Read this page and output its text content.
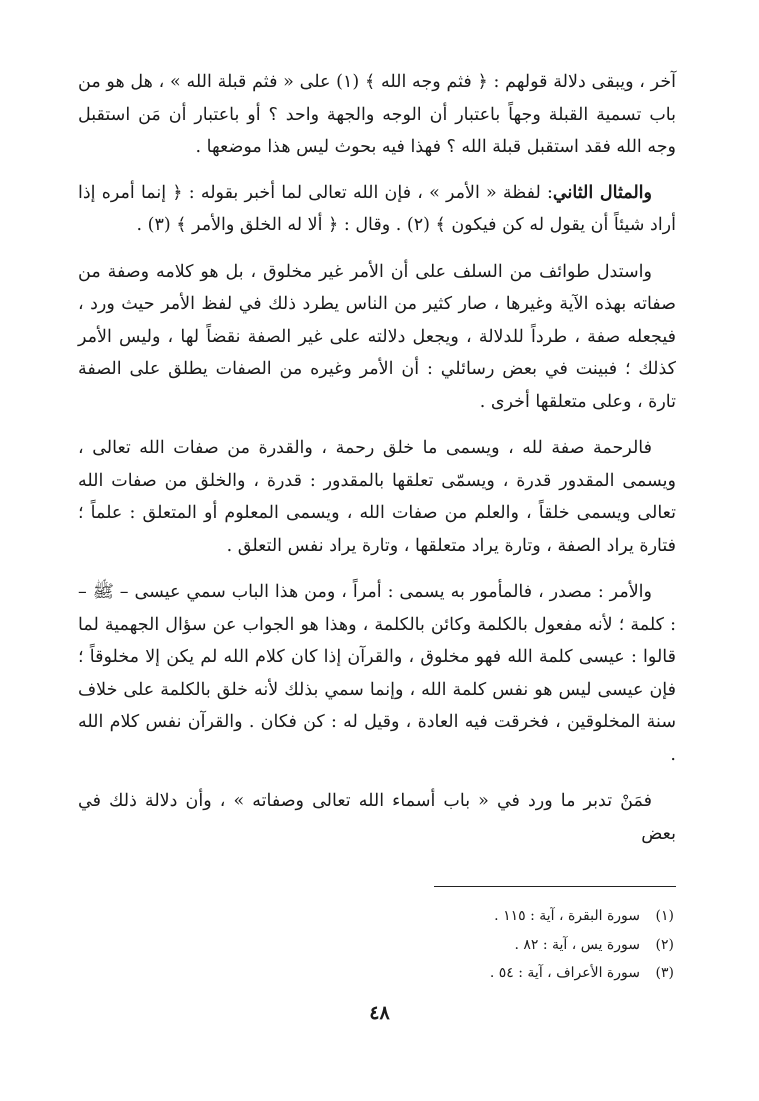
آخر ، ويبقى دلالة قولهم : ﴿ فثم وجه الله ﴾ (١) على « فثم قبلة الله » ، هل هو من باب تسمية القبلة وجهاً باعتبار أن الوجه والجهة واحد ؟ أو باعتبار أن مَن استقبل وجه الله فقد استقبل قبلة الله ؟ فهذا فيه بحوث ليس هذا موضعها .

والمثال الثاني: لفظة « الأمر » ، فإن الله تعالى لما أخبر بقوله : ﴿ إنما أمره إذا أراد شيئاً أن يقول له كن فيكون ﴾ (٢) . وقال : ﴿ ألا له الخلق والأمر ﴾ (٣) .

واستدل طوائف من السلف على أن الأمر غير مخلوق ، بل هو كلامه وصفة من صفاته بهذه الآية وغيرها ، صار كثير من الناس يطرد ذلك في لفظ الأمر حيث ورد ، فيجعله صفة ، طرداً للدلالة ، ويجعل دلالته على غير الصفة نقضاً لها ، وليس الأمر كذلك ؛ فبينت في بعض رسائلي : أن الأمر وغيره من الصفات يطلق على الصفة تارة ، وعلى متعلقها أخرى .

فالرحمة صفة لله ، ويسمى ما خلق رحمة ، والقدرة من صفات الله تعالى ، ويسمى المقدور قدرة ، ويسمّى تعلقها بالمقدور : قدرة ، والخلق من صفات الله تعالى ويسمى خلقاً ، والعلم من صفات الله ، ويسمى المعلوم أو المتعلق : علماً ؛ فتارة يراد الصفة ، وتارة يراد متعلقها ، وتارة يراد نفس التعلق .

والأمر : مصدر ، فالمأمور به يسمى : أمراً ، ومن هذا الباب سمي عيسى – ﷺ – : كلمة ؛ لأنه مفعول بالكلمة وكائن بالكلمة ، وهذا هو الجواب عن سؤال الجهمية لما قالوا : عيسى كلمة الله فهو مخلوق ، والقرآن إذا كان كلام الله لم يكن إلا مخلوقاً ؛ فإن عيسى ليس هو نفس كلمة الله ، وإنما سمي بذلك لأنه خلق بالكلمة على خلاف سنة المخلوقين ، فخرقت فيه العادة ، وقيل له : كن فكان . والقرآن نفس كلام الله .

فمَنْ تدبر ما ورد في « باب أسماء الله تعالى وصفاته » ، وأن دلالة ذلك في بعض

(١)سورة البقرة ، آية : ١١٥ .
(٢)سورة يس ، آية : ٨٢ .
(٣)سورة الأعراف ، آية : ٥٤ .
٤٨
